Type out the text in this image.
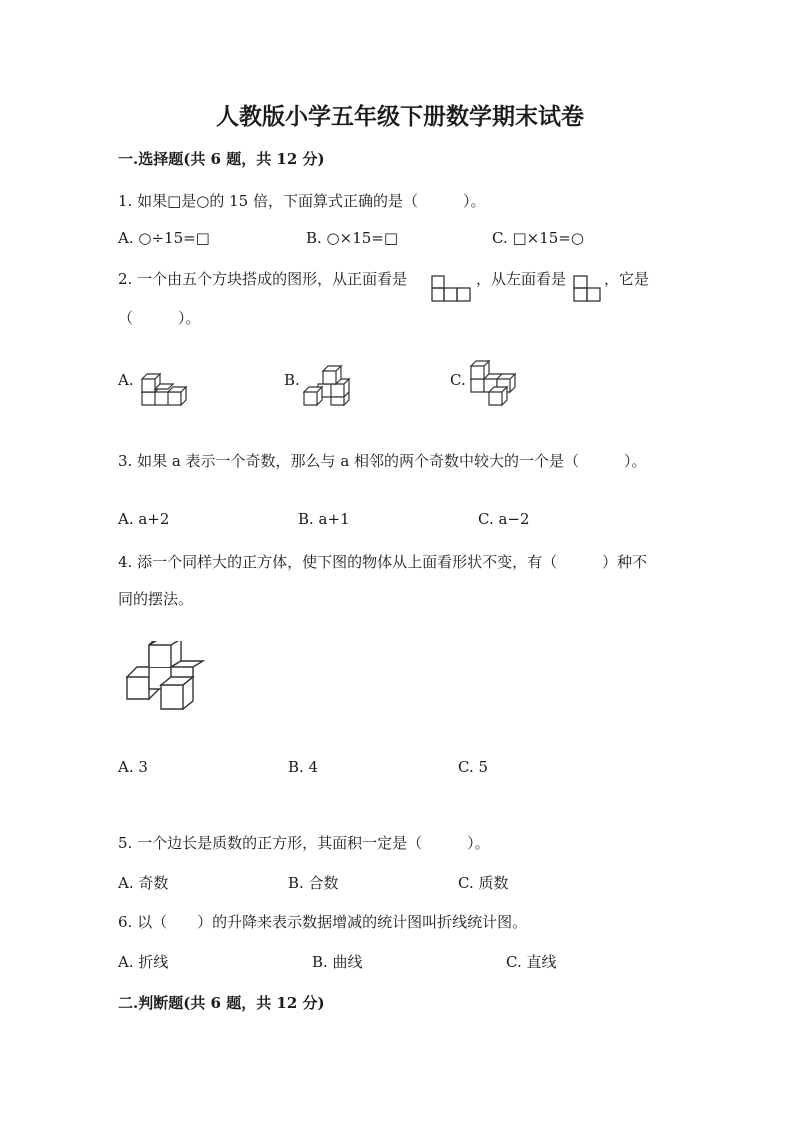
人教版小学五年级下册数学期末试卷
一.选择题(共 6 题，共 12 分)
1. 如果□是○的 15 倍，下面算式正确的是（　　　）。
A. ○÷15=□	B. ○×15=□	C. □×15=○
2. 一个由五个方块搭成的图形，从正面看是	，从左面看是	，它是
（　　　）。
A.	B.	C.
3. 如果 a 表示一个奇数，那么与 a 相邻的两个奇数中较大的一个是（　　　）。
A. a+2	B. a+1	C. a−2
4. 添一个同样大的正方体，使下图的物体从上面看形状不变，有（　　　）种不
同的摆法。
A. 3	B. 4	C. 5
5. 一个边长是质数的正方形，其面积一定是（　　　）。
A. 奇数	B. 合数	C. 质数
6. 以（　　）的升降来表示数据增减的统计图叫折线统计图。
A. 折线	B. 曲线	C. 直线
二.判断题(共 6 题，共 12 分)
